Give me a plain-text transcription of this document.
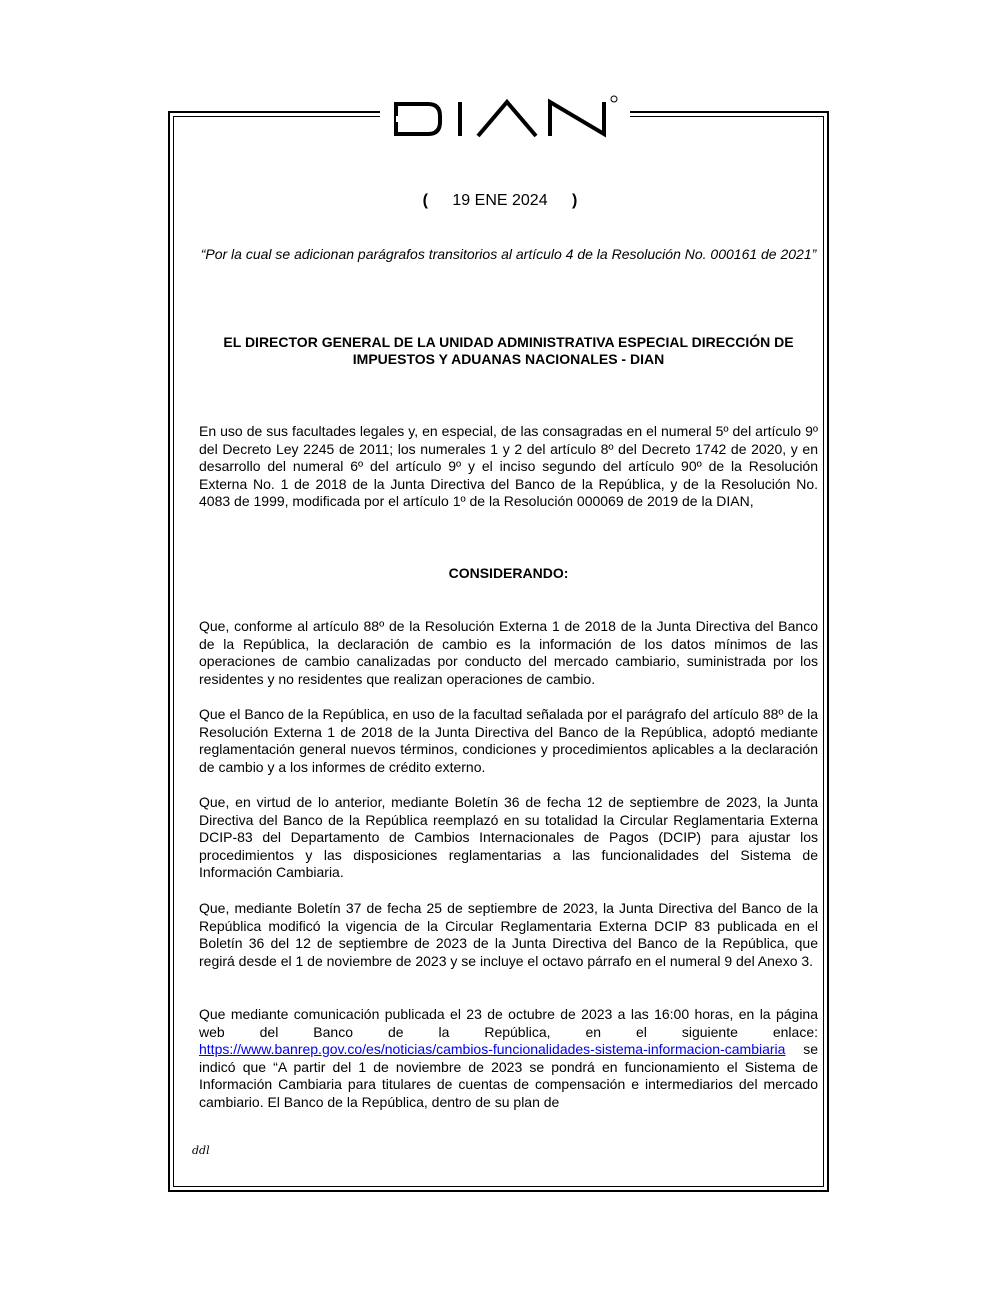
( 19 ENE 2024 )
“Por la cual se adicionan parágrafos transitorios al artículo 4 de la Resolución No. 000161 de 2021”
EL DIRECTOR GENERAL DE LA UNIDAD ADMINISTRATIVA ESPECIAL DIRECCIÓN DE IMPUESTOS Y ADUANAS NACIONALES - DIAN

En uso de sus facultades legales y, en especial, de las consagradas en el numeral 5º del artículo 9º del Decreto Ley 2245 de 2011; los numerales 1 y 2 del artículo 8º del Decreto 1742 de 2020, y en desarrollo del numeral 6º del artículo 9º y el inciso segundo del artículo 90º de la Resolución Externa No. 1 de 2018 de la Junta Directiva del Banco de la República, y de la Resolución No. 4083 de 1999, modificada por el artículo 1º de la Resolución 000069 de 2019 de la DIAN,

CONSIDERANDO:

Que, conforme al artículo 88º de la Resolución Externa 1 de 2018 de la Junta Directiva del Banco de la República, la declaración de cambio es la información de los datos mínimos de las operaciones de cambio canalizadas por conducto del mercado cambiario, suministrada por los residentes y no residentes que realizan operaciones de cambio.

Que el Banco de la República, en uso de la facultad señalada por el parágrafo del artículo 88º de la Resolución Externa 1 de 2018 de la Junta Directiva del Banco de la República, adoptó mediante reglamentación general nuevos términos, condiciones y procedimientos aplicables a la declaración de cambio y a los informes de crédito externo.

Que, en virtud de lo anterior, mediante Boletín 36 de fecha 12 de septiembre de 2023, la Junta Directiva del Banco de la República reemplazó en su totalidad la Circular Reglamentaria Externa DCIP-83 del Departamento de Cambios Internacionales de Pagos (DCIP) para ajustar los procedimientos y las disposiciones reglamentarias a las funcionalidades del Sistema de Información Cambiaria.

Que, mediante Boletín 37 de fecha 25 de septiembre de 2023, la Junta Directiva del Banco de la República modificó la vigencia de la Circular Reglamentaria Externa DCIP 83 publicada en el Boletín 36 del 12 de septiembre de 2023 de la Junta Directiva del Banco de la República, que regirá desde el 1 de noviembre de 2023 y se incluye el octavo párrafo en el numeral 9 del Anexo 3.

Que mediante comunicación publicada el 23 de octubre de 2023 a las 16:00 horas, en la página web del Banco de la República, en el siguiente enlace: https://www.banrep.gov.co/es/noticias/cambios-funcionalidades-sistema-informacion-cambiaria se indicó que “A partir del 1 de noviembre de 2023 se pondrá en funcionamiento el Sistema de Información Cambiaria para titulares de cuentas de compensación e intermediarios del mercado cambiario. El Banco de la República, dentro de su plan de

ddl
